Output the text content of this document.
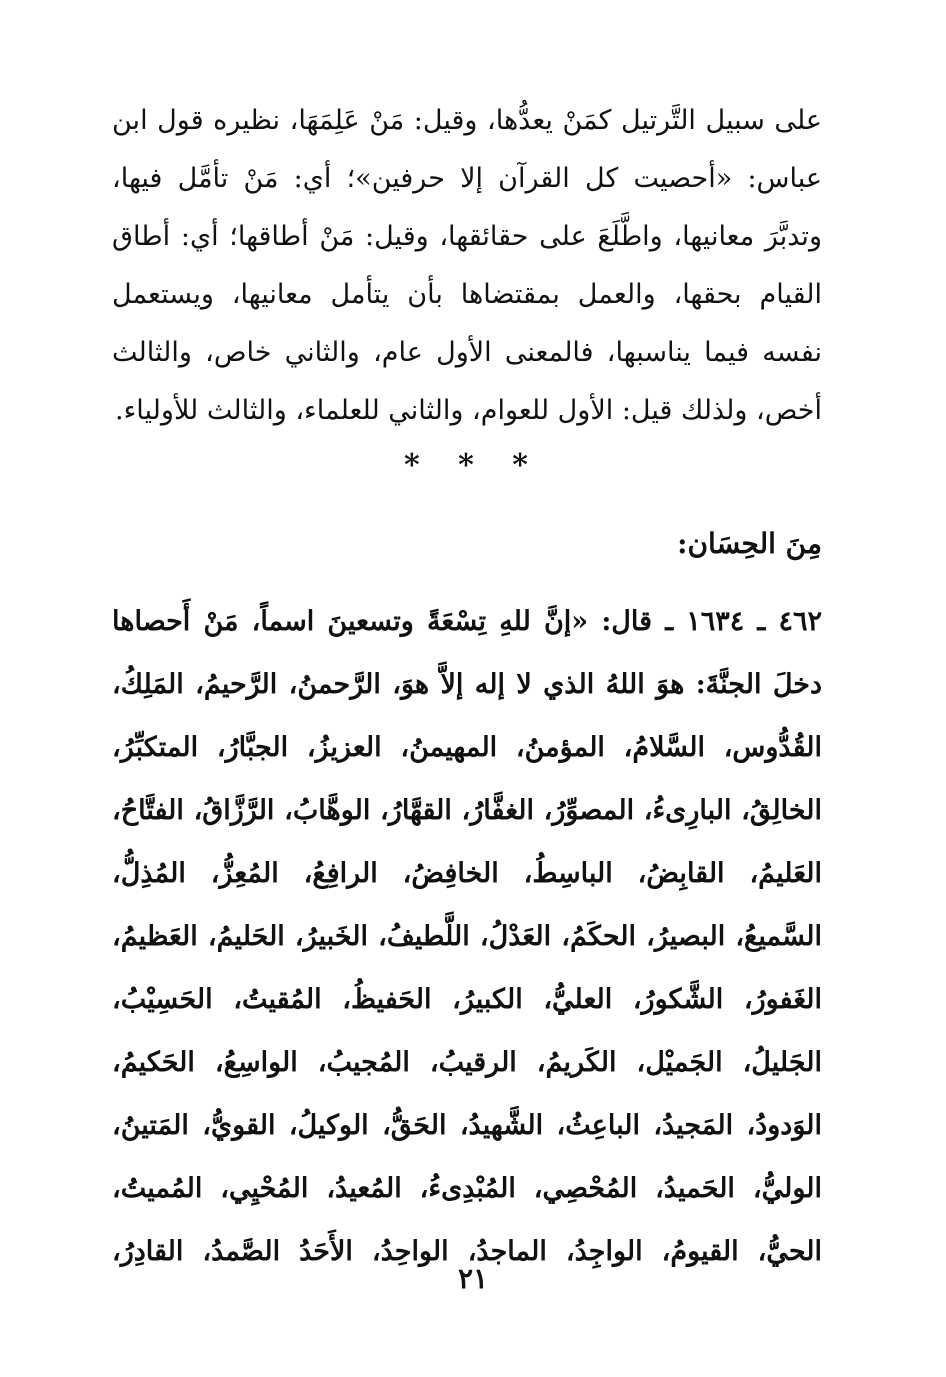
على سبيل التَّرتيل كمَنْ يعدُّها، وقيل: مَنْ عَلِمَهَا، نظيره قول ابن عباس: «أحصيت كل القرآن إلا حرفين»؛ أي: مَنْ تأمَّل فيها، وتدبَّرَ معانيها، واطَّلَعَ على حقائقها، وقيل: مَنْ أطاقها؛ أي: أطاق القيام بحقها، والعمل بمقتضاها بأن يتأمل معانيها، ويستعمل نفسه فيما يناسبها، فالمعنى الأول عام، والثاني خاص، والثالث أخص، ولذلك قيل: الأول للعوام، والثاني للعلماء، والثالث للأولياء.

* * *
مِنَ الحِسَان:

٤٦٢ ـ ١٦٣٤ ـ قال: «إنَّ للهِ تِسْعَةً وتسعينَ اسماً، مَنْ أَحصاها دخلَ الجنَّةَ: هوَ اللهُ الذي لا إله إلاَّ هوَ، الرَّحمنُ، الرَّحيمُ، المَلِكُ، القُدُّوس، السَّلامُ، المؤمنُ، المهيمنُ، العزيزُ، الجبَّارُ، المتكبِّرُ، الخالِقُ، البارِىءُ، المصوِّرُ، الغفَّارُ، القهَّارُ، الوهَّابُ، الرَّزَّاقُ، الفتَّاحُ، العَليمُ، القابِضُ، الباسِطُ، الخافِضُ، الرافِعُ، المُعِزُّ، المُذِلُّ، السَّميعُ، البصيرُ، الحكَمُ، العَدْلُ، اللَّطيفُ، الخَبيرُ، الحَليمُ، العَظيمُ، الغَفورُ، الشَّكورُ، العليُّ، الكبيرُ، الحَفيظُ، المُقيتُ، الحَسِيْبُ، الجَليلُ، الجَميْل، الكَريمُ، الرقيبُ، المُجيبُ، الواسِعُ، الحَكيمُ، الوَدودُ، المَجيدُ، الباعِثُ، الشَّهيدُ، الحَقُّ، الوكيلُ، القويُّ، المَتينُ، الوليُّ، الحَميدُ، المُحْصِي، المُبْدِىءُ، المُعيدُ، المُحْيِي، المُميتُ، الحيُّ، القيومُ، الواجِدُ، الماجدُ، الواحِدُ، الأَحَدُ الصَّمدُ، القادِرُ،

٢١
